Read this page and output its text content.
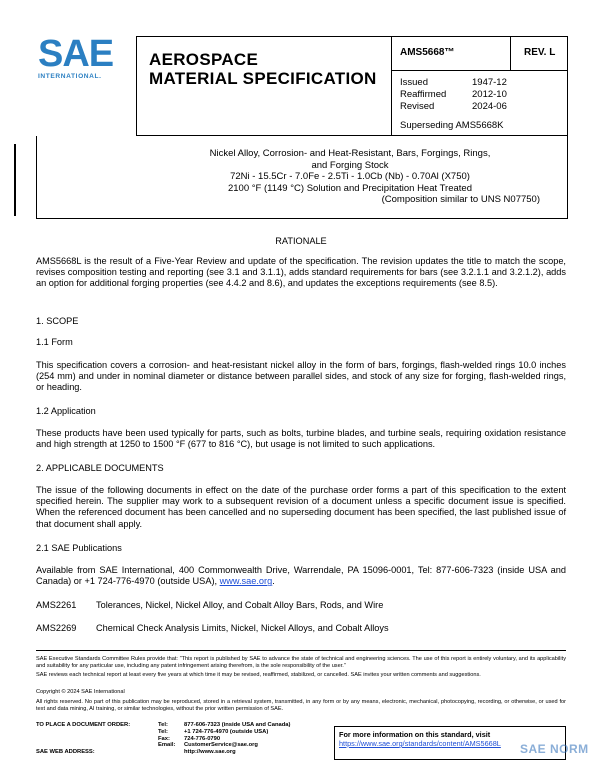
SAE
INTERNATIONAL.
AEROSPACE
MATERIAL SPECIFICATION
AMS5668™	REV. L
Issued	1947-12
Reaffirmed	2012-10
Revised	2024-06
Superseding AMS5668K
Nickel Alloy, Corrosion- and Heat-Resistant, Bars, Forgings, Rings,
and Forging Stock
72Ni - 15.5Cr - 7.0Fe - 2.5Ti - 1.0Cb (Nb) - 0.70Al (X750)
2100 °F (1149 °C) Solution and Precipitation Heat Treated
(Composition similar to UNS N07750)
RATIONALE
AMS5668L is the result of a Five-Year Review and update of the specification. The revision updates the title to match the scope, revises composition testing and reporting (see 3.1 and 3.1.1), adds standard requirements for bars (see 3.2.1.1 and 3.2.1.2), adds an option for additional forging properties (see 4.4.2 and 8.6), and updates the exceptions requirements (see 8.5).
1. SCOPE
1.1 Form
This specification covers a corrosion- and heat-resistant nickel alloy in the form of bars, forgings, flash-welded rings 10.0 inches (254 mm) and under in nominal diameter or distance between parallel sides, and stock of any size for forging, flash-welded rings, or heading.
1.2 Application
These products have been used typically for parts, such as bolts, turbine blades, and turbine seals, requiring oxidation resistance and high strength at 1250 to 1500 °F (677 to 816 °C), but usage is not limited to such applications.
2. APPLICABLE DOCUMENTS
The issue of the following documents in effect on the date of the purchase order forms a part of this specification to the extent specified herein. The supplier may work to a subsequent revision of a document unless a specific document issue is specified. When the referenced document has been cancelled and no superseding document has been specified, the last published issue of that document shall apply.
2.1 SAE Publications
Available from SAE International, 400 Commonwealth Drive, Warrendale, PA 15096-0001, Tel: 877-606-7323 (inside USA and Canada) or +1 724-776-4970 (outside USA), www.sae.org.
AMS2261	Tolerances, Nickel, Nickel Alloy, and Cobalt Alloy Bars, Rods, and Wire
AMS2269	Chemical Check Analysis Limits, Nickel, Nickel Alloys, and Cobalt Alloys
SAE Executive Standards Committee Rules provide that: “This report is published by SAE to advance the state of technical and engineering sciences. The use of this report is entirely voluntary, and its applicability and suitability for any particular use, including any patent infringement arising therefrom, is the sole responsibility of the user.”
SAE reviews each technical report at least every five years at which time it may be revised, reaffirmed, stabilized, or cancelled. SAE invites your written comments and suggestions.
Copyright © 2024 SAE International
All rights reserved. No part of this publication may be reproduced, stored in a retrieval system, transmitted, in any form or by any means, electronic, mechanical, photocopying, recording, or otherwise, or used for text and data mining, AI training, or similar technologies, without the prior written permission of SAE.
TO PLACE A DOCUMENT ORDER:	Tel:	877-606-7323 (inside USA and Canada)
	Tel:	+1 724-776-4970 (outside USA)
	Fax:	724-776-0790
	Email:	CustomerService@sae.org
SAE WEB ADDRESS:		http://www.sae.org
For more information on this standard, visit
https://www.sae.org/standards/content/AMS5668L	SAE NORM
